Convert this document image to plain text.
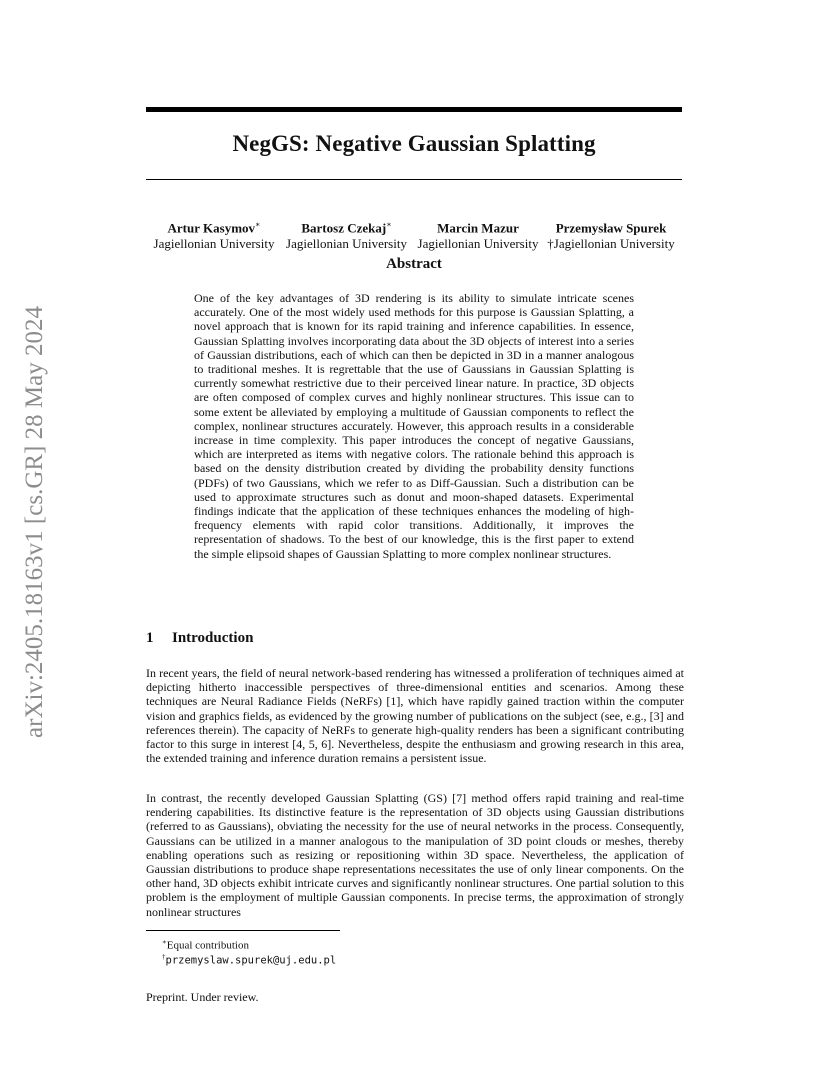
arXiv:2405.18163v1 [cs.GR] 28 May 2024
NegGS: Negative Gaussian Splatting
Artur Kasymov∗
Jagiellonian University
Bartosz Czekaj∗
Jagiellonian University
Marcin Mazur
Jagiellonian University
Przemysław Spurek
†Jagiellonian University
Abstract
One of the key advantages of 3D rendering is its ability to simulate intricate scenes accurately. One of the most widely used methods for this purpose is Gaussian Splatting, a novel approach that is known for its rapid training and inference capabilities. In essence, Gaussian Splatting involves incorporating data about the 3D objects of interest into a series of Gaussian distributions, each of which can then be depicted in 3D in a manner analogous to traditional meshes. It is regrettable that the use of Gaussians in Gaussian Splatting is currently somewhat restrictive due to their perceived linear nature. In practice, 3D objects are often composed of complex curves and highly nonlinear structures. This issue can to some extent be alleviated by employing a multitude of Gaussian components to reflect the complex, nonlinear structures accurately. However, this approach results in a considerable increase in time complexity. This paper introduces the concept of negative Gaussians, which are interpreted as items with negative colors. The rationale behind this approach is based on the density distribution created by dividing the probability density functions (PDFs) of two Gaussians, which we refer to as Diff-Gaussian. Such a distribution can be used to approximate structures such as donut and moon-shaped datasets. Experimental findings indicate that the application of these techniques enhances the modeling of high-frequency elements with rapid color transitions. Additionally, it improves the representation of shadows. To the best of our knowledge, this is the first paper to extend the simple elipsoid shapes of Gaussian Splatting to more complex nonlinear structures.
1 Introduction
In recent years, the field of neural network-based rendering has witnessed a proliferation of techniques aimed at depicting hitherto inaccessible perspectives of three-dimensional entities and scenarios. Among these techniques are Neural Radiance Fields (NeRFs) [1], which have rapidly gained traction within the computer vision and graphics fields, as evidenced by the growing number of publications on the subject (see, e.g., [3] and references therein). The capacity of NeRFs to generate high-quality renders has been a significant contributing factor to this surge in interest [4, 5, 6]. Nevertheless, despite the enthusiasm and growing research in this area, the extended training and inference duration remains a persistent issue.
In contrast, the recently developed Gaussian Splatting (GS) [7] method offers rapid training and real-time rendering capabilities. Its distinctive feature is the representation of 3D objects using Gaussian distributions (referred to as Gaussians), obviating the necessity for the use of neural networks in the process. Consequently, Gaussians can be utilized in a manner analogous to the manipulation of 3D point clouds or meshes, thereby enabling operations such as resizing or repositioning within 3D space. Nevertheless, the application of Gaussian distributions to produce shape representations necessitates the use of only linear components. On the other hand, 3D objects exhibit intricate curves and significantly nonlinear structures. One partial solution to this problem is the employment of multiple Gaussian components. In precise terms, the approximation of strongly nonlinear structures
∗Equal contribution
†przemyslaw.spurek@uj.edu.pl
Preprint. Under review.
